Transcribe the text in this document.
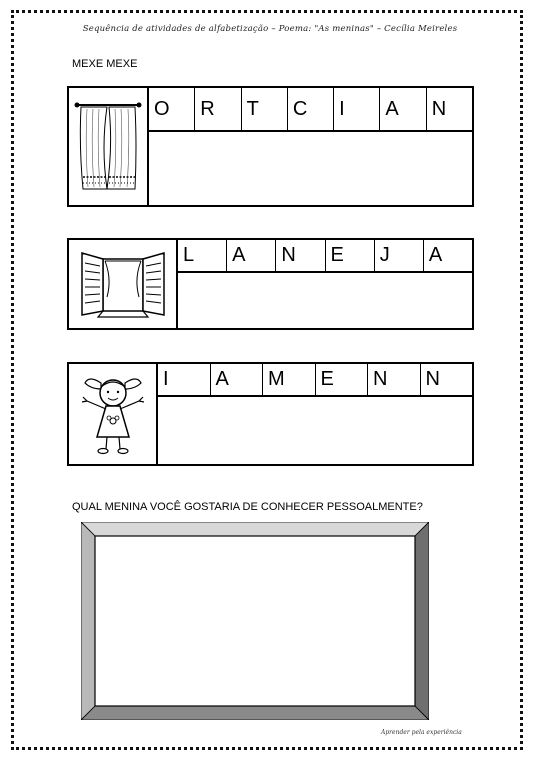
Sequência de atividades de alfabetização – Poema: "As meninas" – Cecília Meireles
MEXE MEXE
O	R	T	C	I	A	N
L	A	N	E	J	A
I	A	M	E	N	N
QUAL MENINA VOCÊ GOSTARIA DE CONHECER PESSOALMENTE?
Aprender pela experiência
